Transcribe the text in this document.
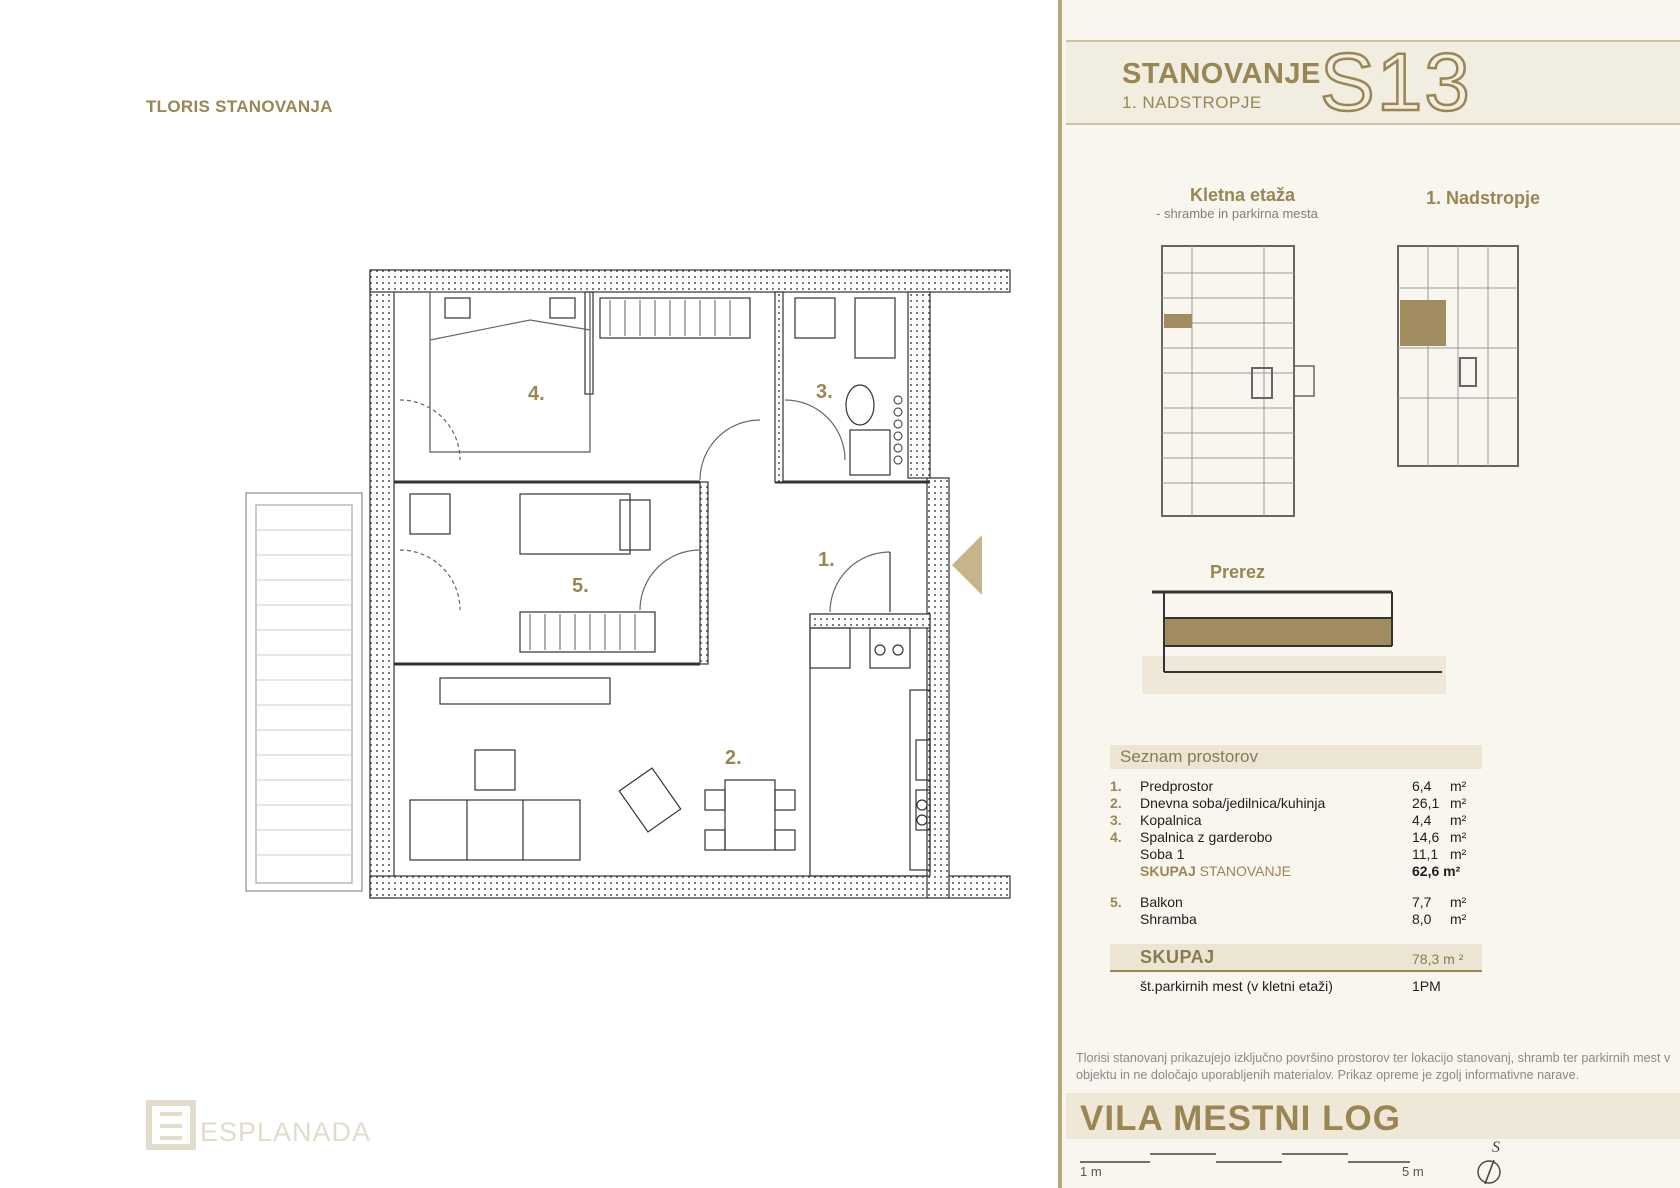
TLORIS STANOVANJA
4.	3.
1.
5.
2.
ESPLANADA
STANOVANJE
1. NADSTROPJE S13
Kletna etaža
- shrambe in parkirna mesta
1. Nadstropje
Prerez
Seznam prostorov
1. Predprostor	6,4 m²
2. Dnevna soba/jedilnica/kuhinja	26,1 m²
3. Kopalnica	4,4 m²
4. Spalnica z garderobo	14,6 m²
Soba 1	11,1 m²
SKUPAJ STANOVANJE	62,6 m²
5. Balkon	7,7 m²
Shramba	8,0 m²
SKUPAJ	78,3 m ²
št.parkirnih mest (v kletni etaži)	1PM
Tlorisi stanovanj prikazujejo izključno površino prostorov ter lokacijo stanovanj, shramb ter parkirnih mest v objektu in ne določajo uporabljenih materialov. Prikaz opreme je zgolj informativne narave.
VILA MESTNI LOG
1 m	5 m
S
